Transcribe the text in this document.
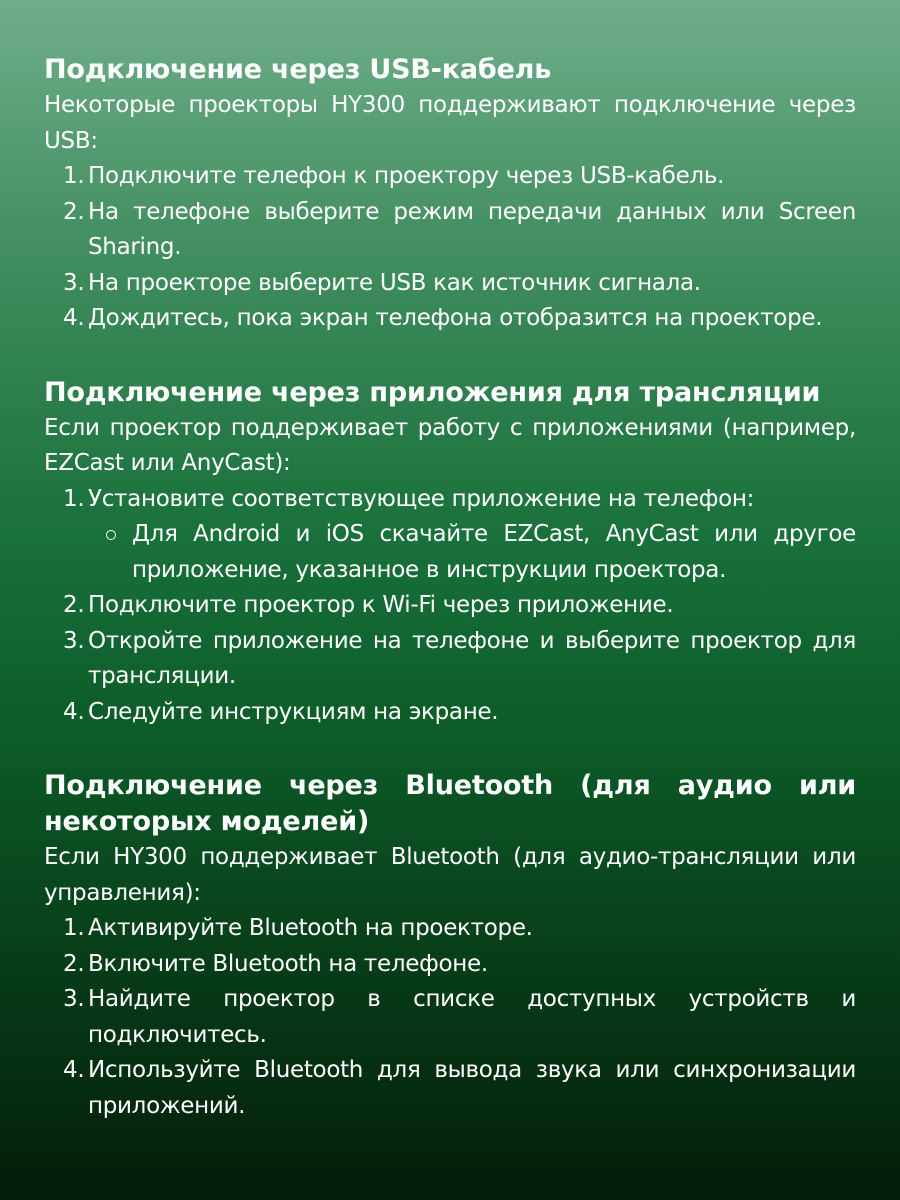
Подключение через USB-кабель

Некоторые проекторы HY300 поддерживают подключение через USB:

1. Подключите телефон к проектору через USB-кабель.
2. На телефоне выберите режим передачи данных или Screen Sharing.
3. На проекторе выберите USB как источник сигнала.
4. Дождитесь, пока экран телефона отобразится на проекторе.
Подключение через приложения для трансляции

Если проектор поддерживает работу с приложениями (например, EZCast или AnyCast):

1. Установите соответствующее приложение на телефон:
Для Android и iOS скачайте EZCast, AnyCast или другое приложение, указанное в инструкции проектора.
2. Подключите проектор к Wi-Fi через приложение.
3. Откройте приложение на телефоне и выберите проектор для трансляции.
4. Следуйте инструкциям на экране.
Подключение через Bluetooth (для аудио или некоторых моделей)

Если HY300 поддерживает Bluetooth (для аудио-трансляции или управления):

1. Активируйте Bluetooth на проекторе.
2. Включите Bluetooth на телефоне.
3. Найдите проектор в списке доступных устройств и подключитесь.
4. Используйте Bluetooth для вывода звука или синхронизации приложений.
